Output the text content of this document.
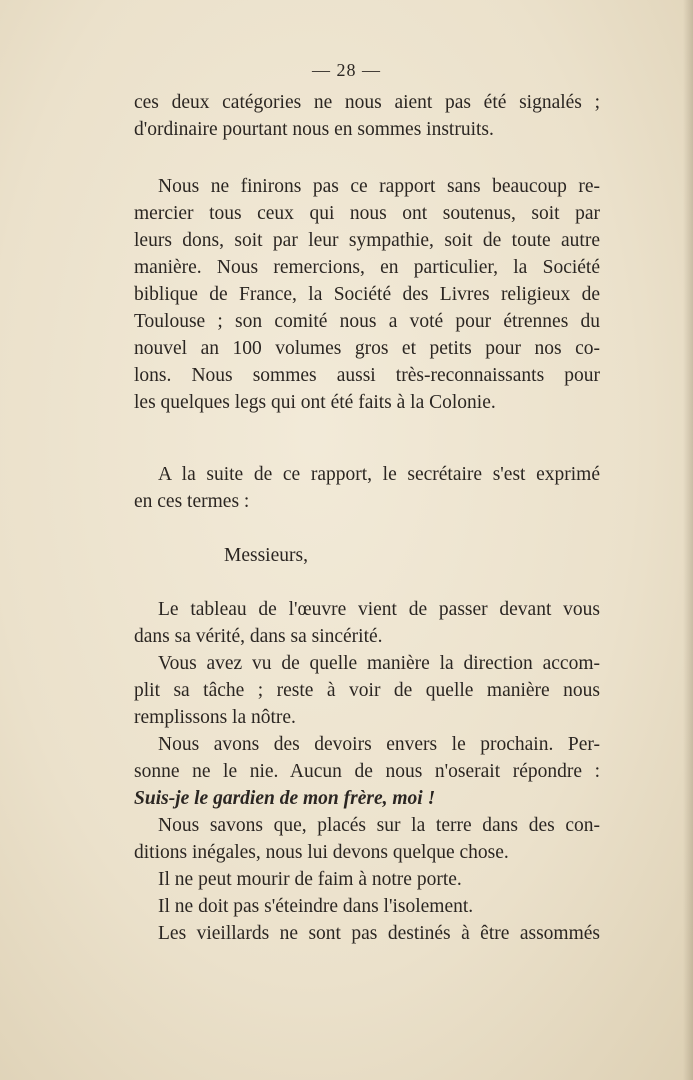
— 28 —
ces deux catégories ne nous aient pas été signalés ;
d'ordinaire pourtant nous en sommes instruits.
Nous ne finirons pas ce rapport sans beaucoup re-
mercier tous ceux qui nous ont soutenus, soit par
leurs dons, soit par leur sympathie, soit de toute autre
manière. Nous remercions, en particulier, la Société
biblique de France, la Société des Livres religieux de
Toulouse ; son comité nous a voté pour étrennes du
nouvel an 100 volumes gros et petits pour nos co-
lons. Nous sommes aussi très-reconnaissants pour
les quelques legs qui ont été faits à la Colonie.
A la suite de ce rapport, le secrétaire s'est exprimé
en ces termes :
Messieurs,
Le tableau de l'œuvre vient de passer devant vous
dans sa vérité, dans sa sincérité.
Vous avez vu de quelle manière la direction accom-
plit sa tâche ; reste à voir de quelle manière nous
remplissons la nôtre.
Nous avons des devoirs envers le prochain. Per-
sonne ne le nie. Aucun de nous n'oserait répondre :
Suis-je le gardien de mon frère, moi !
Nous savons que, placés sur la terre dans des con-
ditions inégales, nous lui devons quelque chose.
Il ne peut mourir de faim à notre porte.
Il ne doit pas s'éteindre dans l'isolement.
Les vieillards ne sont pas destinés à être assommés
